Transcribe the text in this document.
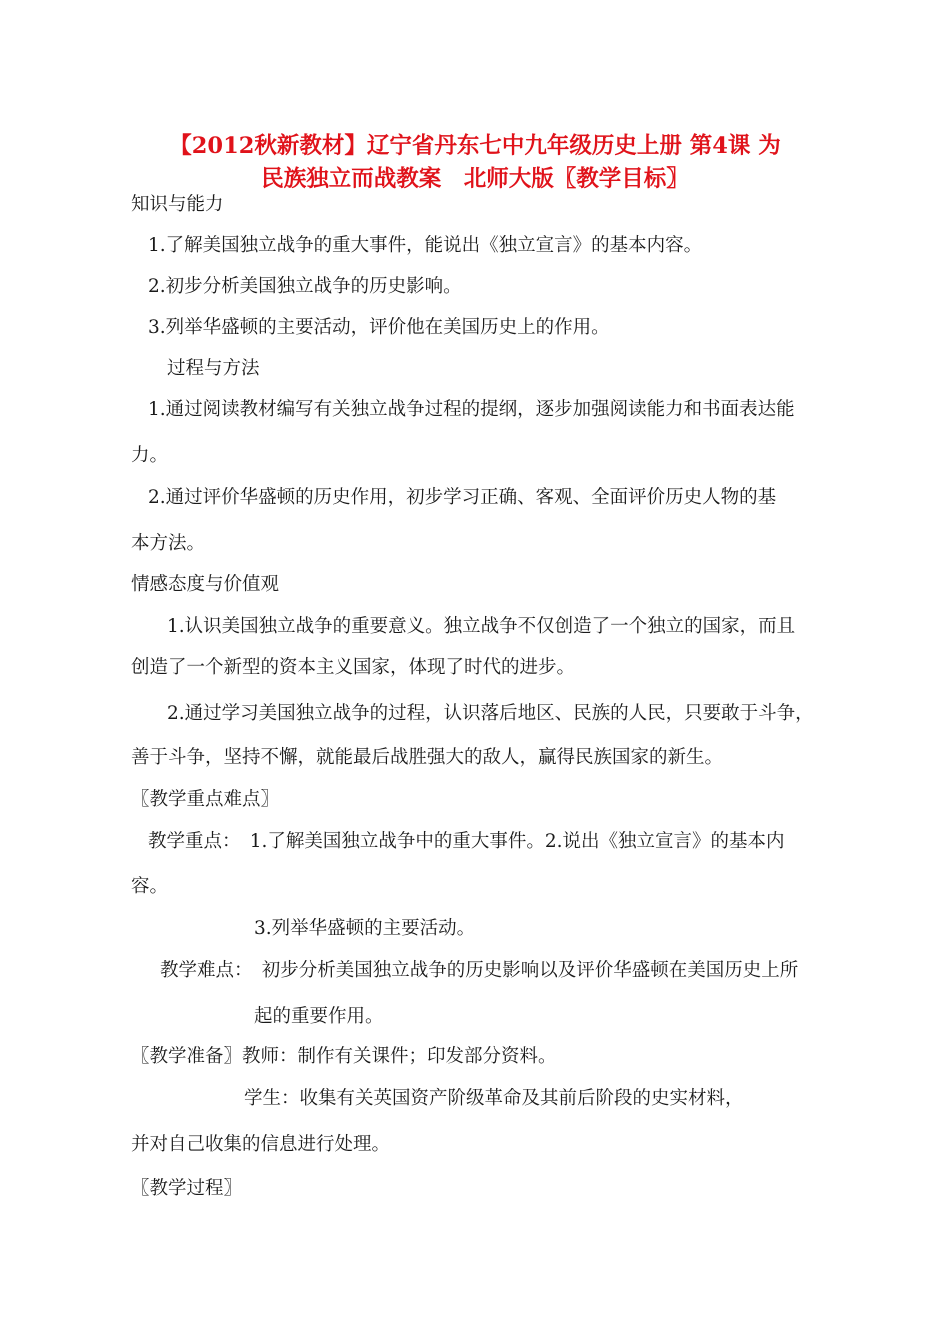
【2012秋新教材】辽宁省丹东七中九年级历史上册 第4课 为
民族独立而战教案　北师大版〖教学目标〗
知识与能力
1.了解美国独立战争的重大事件，能说出《独立宣言》的基本内容。
2.初步分析美国独立战争的历史影响。
3.列举华盛顿的主要活动，评价他在美国历史上的作用。
过程与方法
1.通过阅读教材编写有关独立战争过程的提纲，逐步加强阅读能力和书面表达能
力。
2.通过评价华盛顿的历史作用，初步学习正确、客观、全面评价历史人物的基
本方法。
情感态度与价值观
1.认识美国独立战争的重要意义。独立战争不仅创造了一个独立的国家，而且
创造了一个新型的资本主义国家，体现了时代的进步。
2.通过学习美国独立战争的过程，认识落后地区、民族的人民，只要敢于斗争，
善于斗争，坚持不懈，就能最后战胜强大的敌人，赢得民族国家的新生。
〖教学重点难点〗
教学重点：　1.了解美国独立战争中的重大事件。2.说出《独立宣言》的基本内
容。
3.列举华盛顿的主要活动。
教学难点：　初步分析美国独立战争的历史影响以及评价华盛顿在美国历史上所
起的重要作用。
〖教学准备〗教师：制作有关课件；印发部分资料。
学生：收集有关英国资产阶级革命及其前后阶段的史实材料，
并对自己收集的信息进行处理。
〖教学过程〗
